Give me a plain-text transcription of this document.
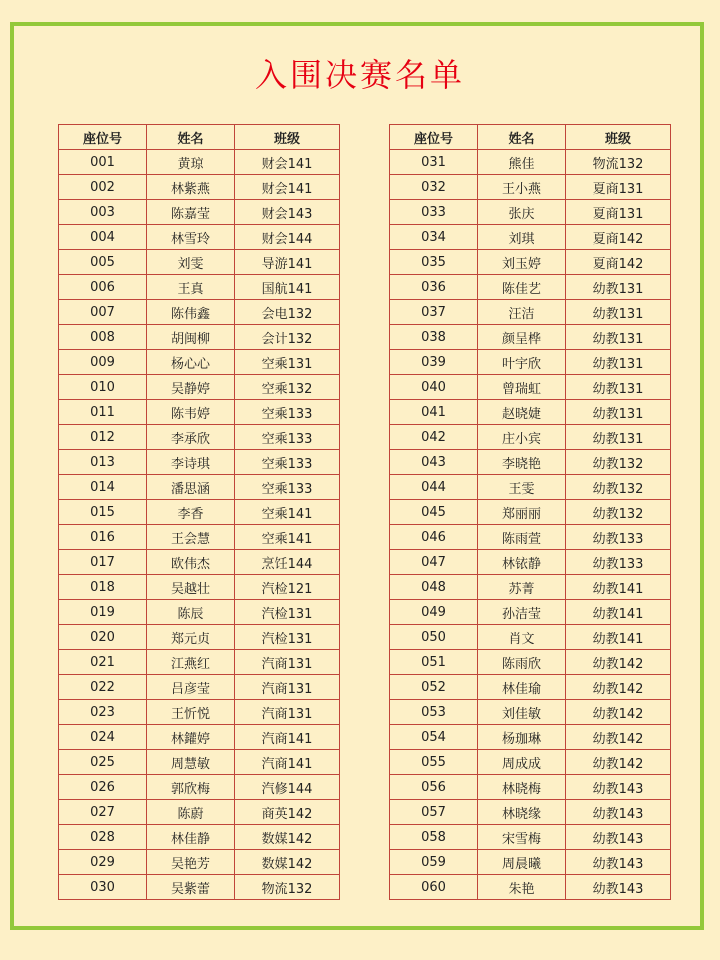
入围决赛名单
座位号	姓名	班级
001	黄琼	财会141
002	林紫燕	财会141
003	陈嘉莹	财会143
004	林雪玲	财会144
005	刘雯	导游141
006	王真	国航141
007	陈伟鑫	会电132
008	胡闽柳	会计132
009	杨心心	空乘131
010	吴静婷	空乘132
011	陈韦婷	空乘133
012	李承欣	空乘133
013	李诗琪	空乘133
014	潘思涵	空乘133
015	李香	空乘141
016	王会慧	空乘141
017	欧伟杰	烹饪144
018	吴越壮	汽检121
019	陈辰	汽检131
020	郑元贞	汽检131
021	江燕红	汽商131
022	吕彦莹	汽商131
023	王忻悦	汽商131
024	林鑵婷	汽商141
025	周慧敏	汽商141
026	郭欣梅	汽修144
027	陈蔚	商英142
028	林佳静	数媒142
029	吴艳芳	数媒142
030	吴紫蕾	物流132
座位号	姓名	班级
031	熊佳	物流132
032	王小燕	夏商131
033	张庆	夏商131
034	刘琪	夏商142
035	刘玉婷	夏商142
036	陈佳艺	幼教131
037	汪洁	幼教131
038	颜呈桦	幼教131
039	叶宇欣	幼教131
040	曾瑞虹	幼教131
041	赵晓婕	幼教131
042	庄小宾	幼教131
043	李晓艳	幼教132
044	王雯	幼教132
045	郑丽丽	幼教132
046	陈雨萱	幼教133
047	林铱静	幼教133
048	苏菁	幼教141
049	孙洁莹	幼教141
050	肖文	幼教141
051	陈雨欣	幼教142
052	林佳瑜	幼教142
053	刘佳敏	幼教142
054	杨珈琳	幼教142
055	周成成	幼教142
056	林晓梅	幼教143
057	林晓缘	幼教143
058	宋雪梅	幼教143
059	周晨曦	幼教143
060	朱艳	幼教143
